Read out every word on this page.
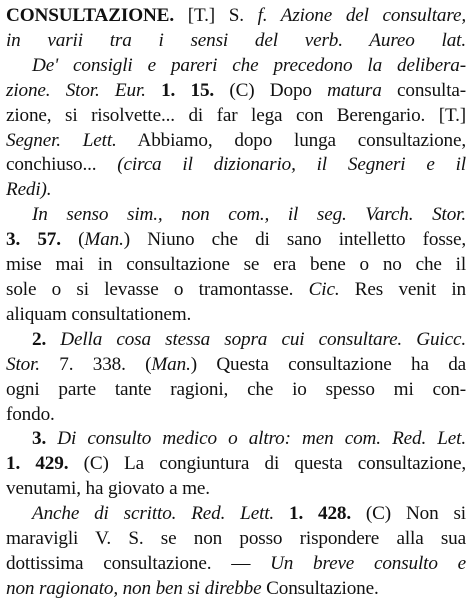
CONSULTAZIONE. [T.] S. f. Azione del consultare,
in varii tra i sensi del verb. Aureo lat.
De' consigli e pareri che precedono la delibera-
zione. Stor. Eur. 1. 15. (C) Dopo matura consulta-
zione, si risolvette... di far lega con Berengario. [T.]
Segner. Lett. Abbiamo, dopo lunga consultazione,
conchiuso... (circa il dizionario, il Segneri e il
Redi).
In senso sim., non com., il seg. Varch. Stor.
3. 57. (Man.) Niuno che di sano intelletto fosse,
mise mai in consultazione se era bene o no che il
sole o si levasse o tramontasse. Cic. Res venit in
aliquam consultationem.
2. Della cosa stessa sopra cui consultare. Guicc.
Stor. 7. 338. (Man.) Questa consultazione ha da
ogni parte tante ragioni, che io spesso mi con-
fondo.
3. Di consulto medico o altro: men com. Red. Let.
1. 429. (C) La congiuntura di questa consultazione,
venutami, ha giovato a me.
Anche di scritto. Red. Lett. 1. 428. (C) Non si
maravigli V. S. se non posso rispondere alla sua
dottissima consultazione. — Un breve consulto e
non ragionato, non ben si direbbe Consultazione.
